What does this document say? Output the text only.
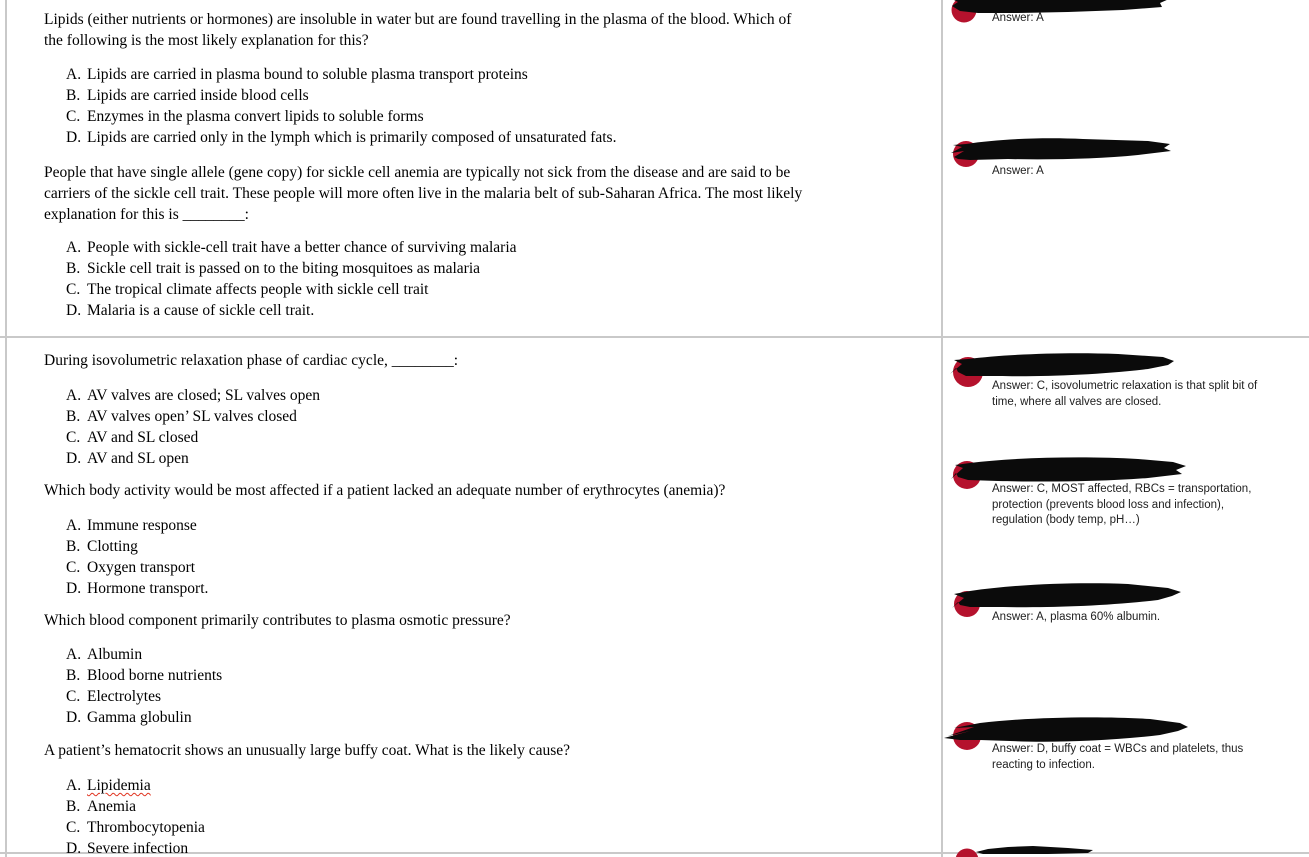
Lipids (either nutrients or hormones) are insoluble in water but are found travelling in the plasma of the blood. Which of
the following is the most likely explanation for this?
A. Lipids are carried in plasma bound to soluble plasma transport proteins
B. Lipids are carried inside blood cells
C. Enzymes in the plasma convert lipids to soluble forms
D. Lipids are carried only in the lymph which is primarily composed of unsaturated fats.
People that have single allele (gene copy) for sickle cell anemia are typically not sick from the disease and are said to be
carriers of the sickle cell trait. These people will more often live in the malaria belt of sub-Saharan Africa. The most likely
explanation for this is ________:
A. People with sickle-cell trait have a better chance of surviving malaria
B. Sickle cell trait is passed on to the biting mosquitoes as malaria
C. The tropical climate affects people with sickle cell trait
D. Malaria is a cause of sickle cell trait.
During isovolumetric relaxation phase of cardiac cycle, ________:
A. AV valves are closed; SL valves open
B. AV valves open’ SL valves closed
C. AV and SL closed
D. AV and SL open
Which body activity would be most affected if a patient lacked an adequate number of erythrocytes (anemia)?
A. Immune response
B. Clotting
C. Oxygen transport
D. Hormone transport.
Which blood component primarily contributes to plasma osmotic pressure?
A. Albumin
B. Blood borne nutrients
C. Electrolytes
D. Gamma globulin
A patient’s hematocrit shows an unusually large buffy coat. What is the likely cause?
A. Lipidemia
B. Anemia
C. Thrombocytopenia
D. Severe infection
Answer: A
Answer: A
Answer: C, isovolumetric relaxation is that split bit of
time, where all valves are closed.
Answer: C, MOST affected, RBCs = transportation,
protection (prevents blood loss and infection),
regulation (body temp, pH…)
Answer: A, plasma 60% albumin.
Answer: D, buffy coat = WBCs and platelets, thus
reacting to infection.
